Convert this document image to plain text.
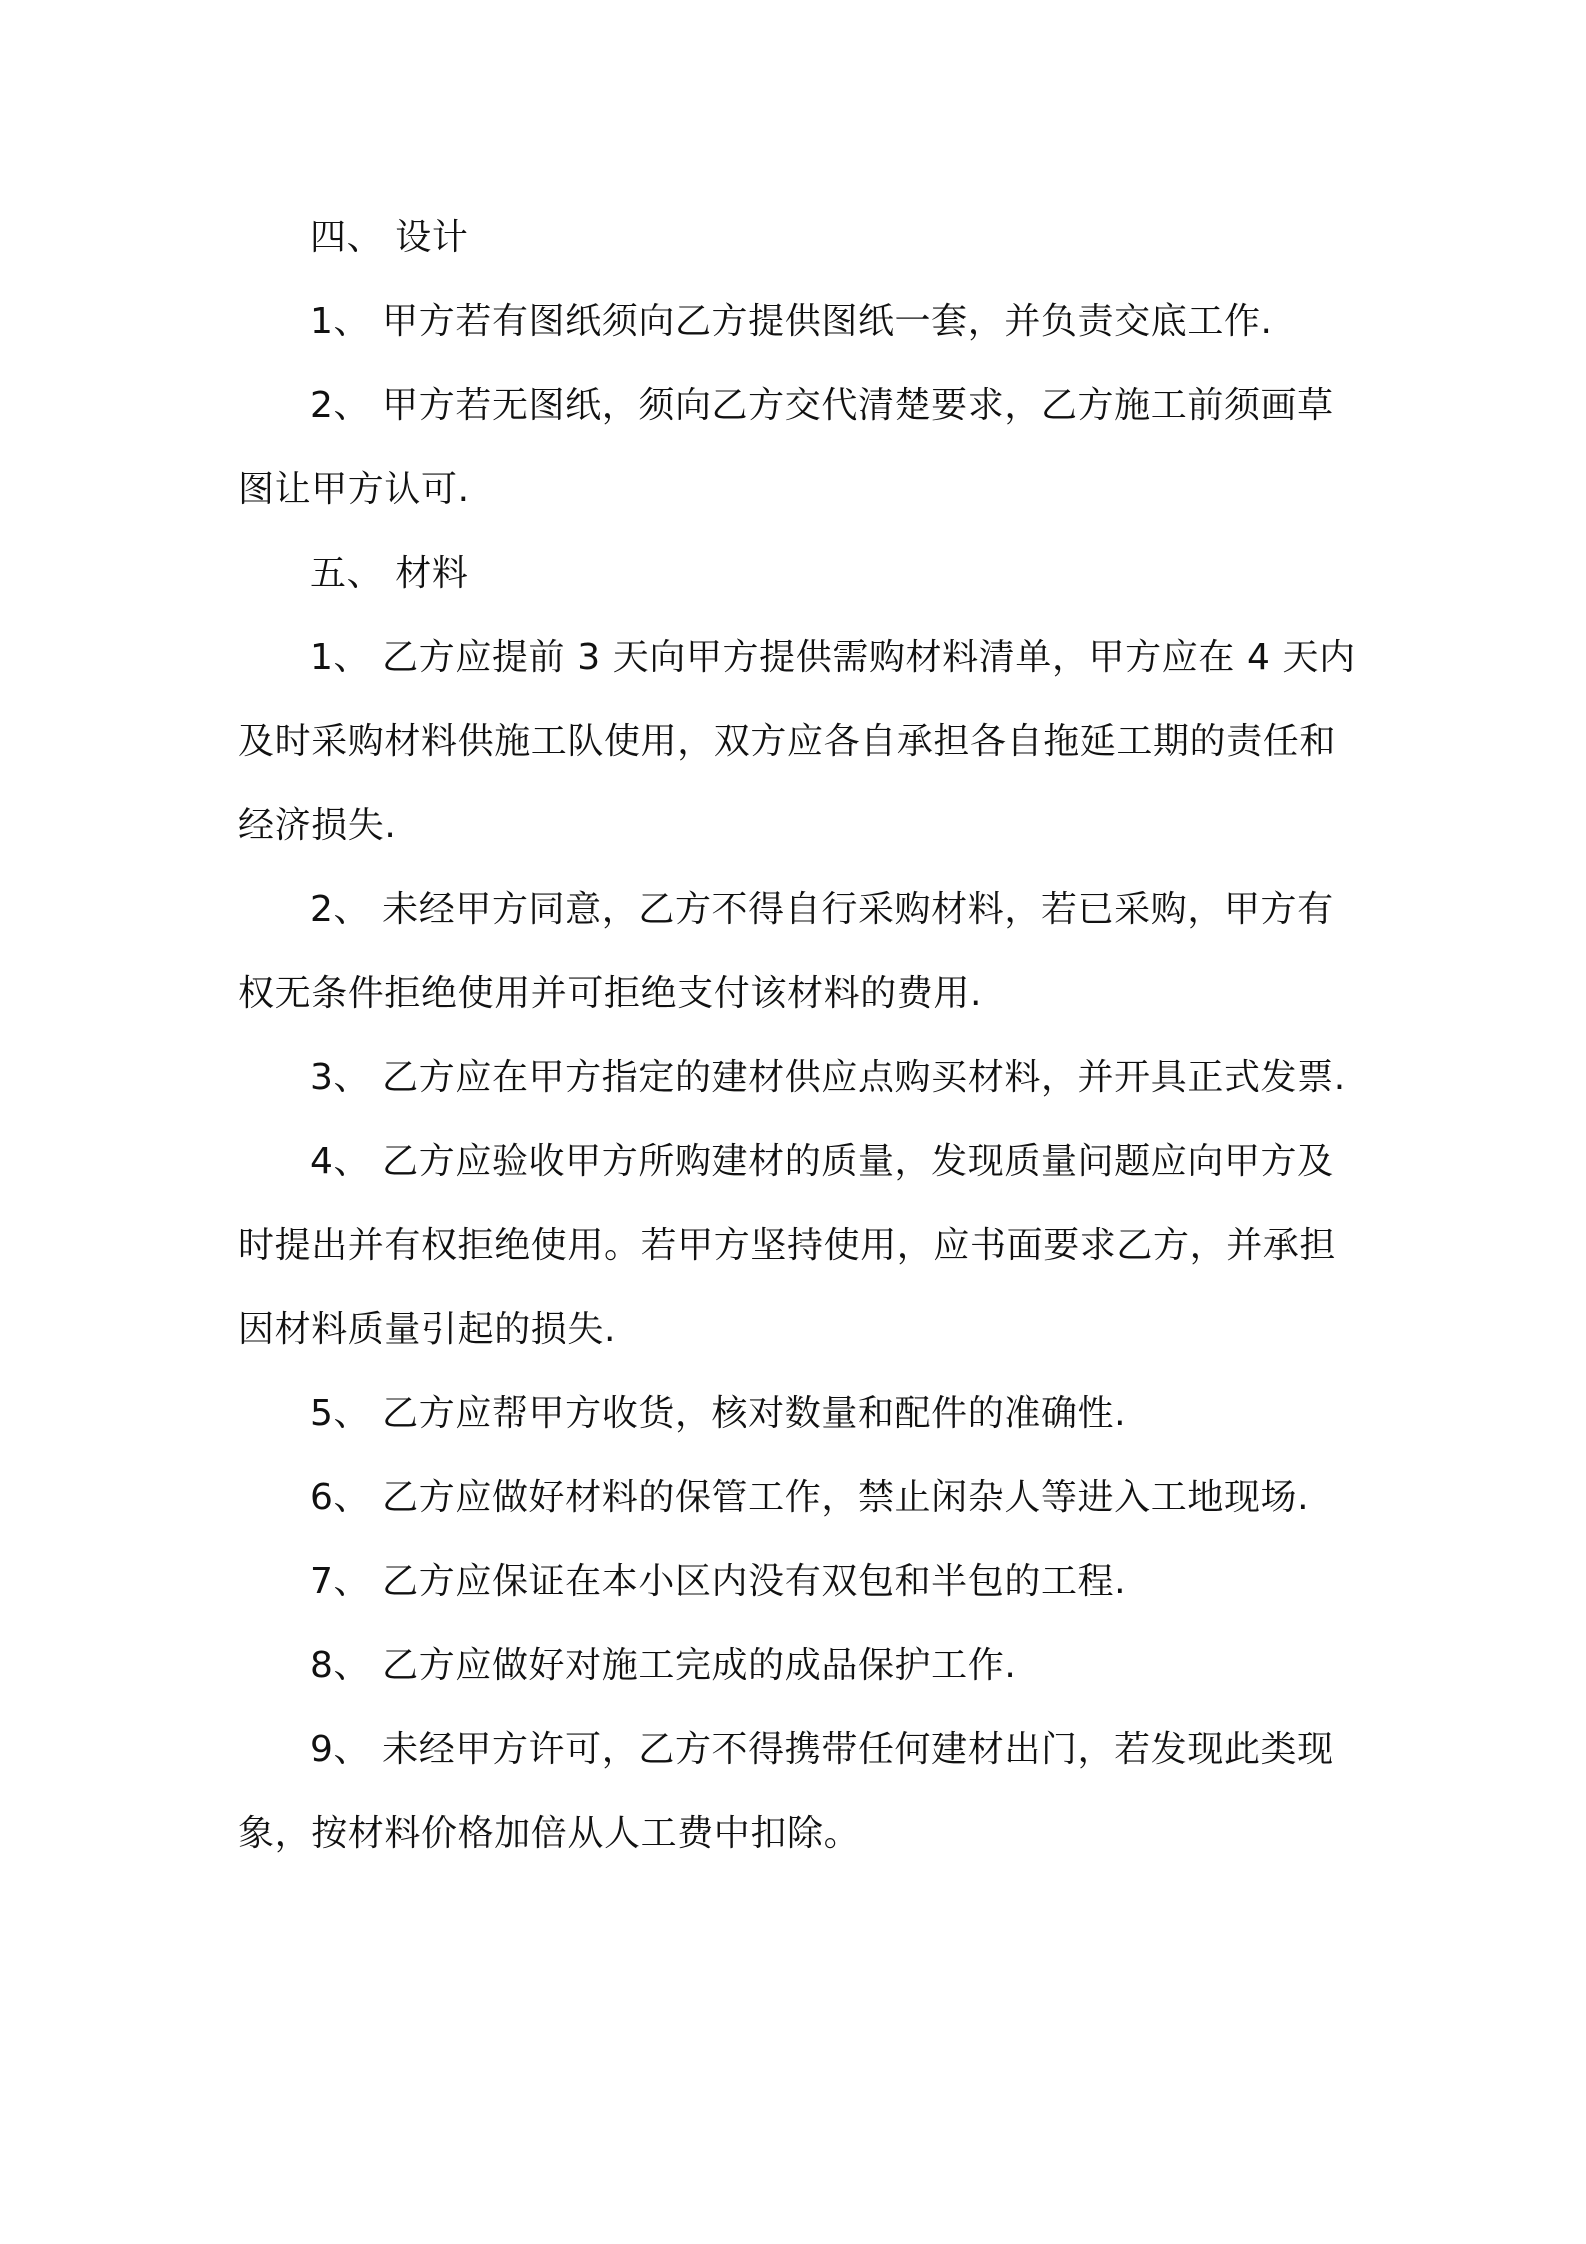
四、 设计

1、 甲方若有图纸须向乙方提供图纸一套，并负责交底工作.

2、 甲方若无图纸，须向乙方交代清楚要求，乙方施工前须画草图让甲方认可.

五、 材料

1、 乙方应提前 3 天向甲方提供需购材料清单，甲方应在 4 天内及时采购材料供施工队使用，双方应各自承担各自拖延工期的责任和经济损失.

2、 未经甲方同意，乙方不得自行采购材料，若已采购，甲方有权无条件拒绝使用并可拒绝支付该材料的费用.

3、 乙方应在甲方指定的建材供应点购买材料，并开具正式发票.

4、 乙方应验收甲方所购建材的质量，发现质量问题应向甲方及时提出并有权拒绝使用。若甲方坚持使用，应书面要求乙方，并承担因材料质量引起的损失.

5、 乙方应帮甲方收货，核对数量和配件的准确性.

6、 乙方应做好材料的保管工作，禁止闲杂人等进入工地现场.

7、 乙方应保证在本小区内没有双包和半包的工程.

8、 乙方应做好对施工完成的成品保护工作.

9、 未经甲方许可，乙方不得携带任何建材出门，若发现此类现象，按材料价格加倍从人工费中扣除。
